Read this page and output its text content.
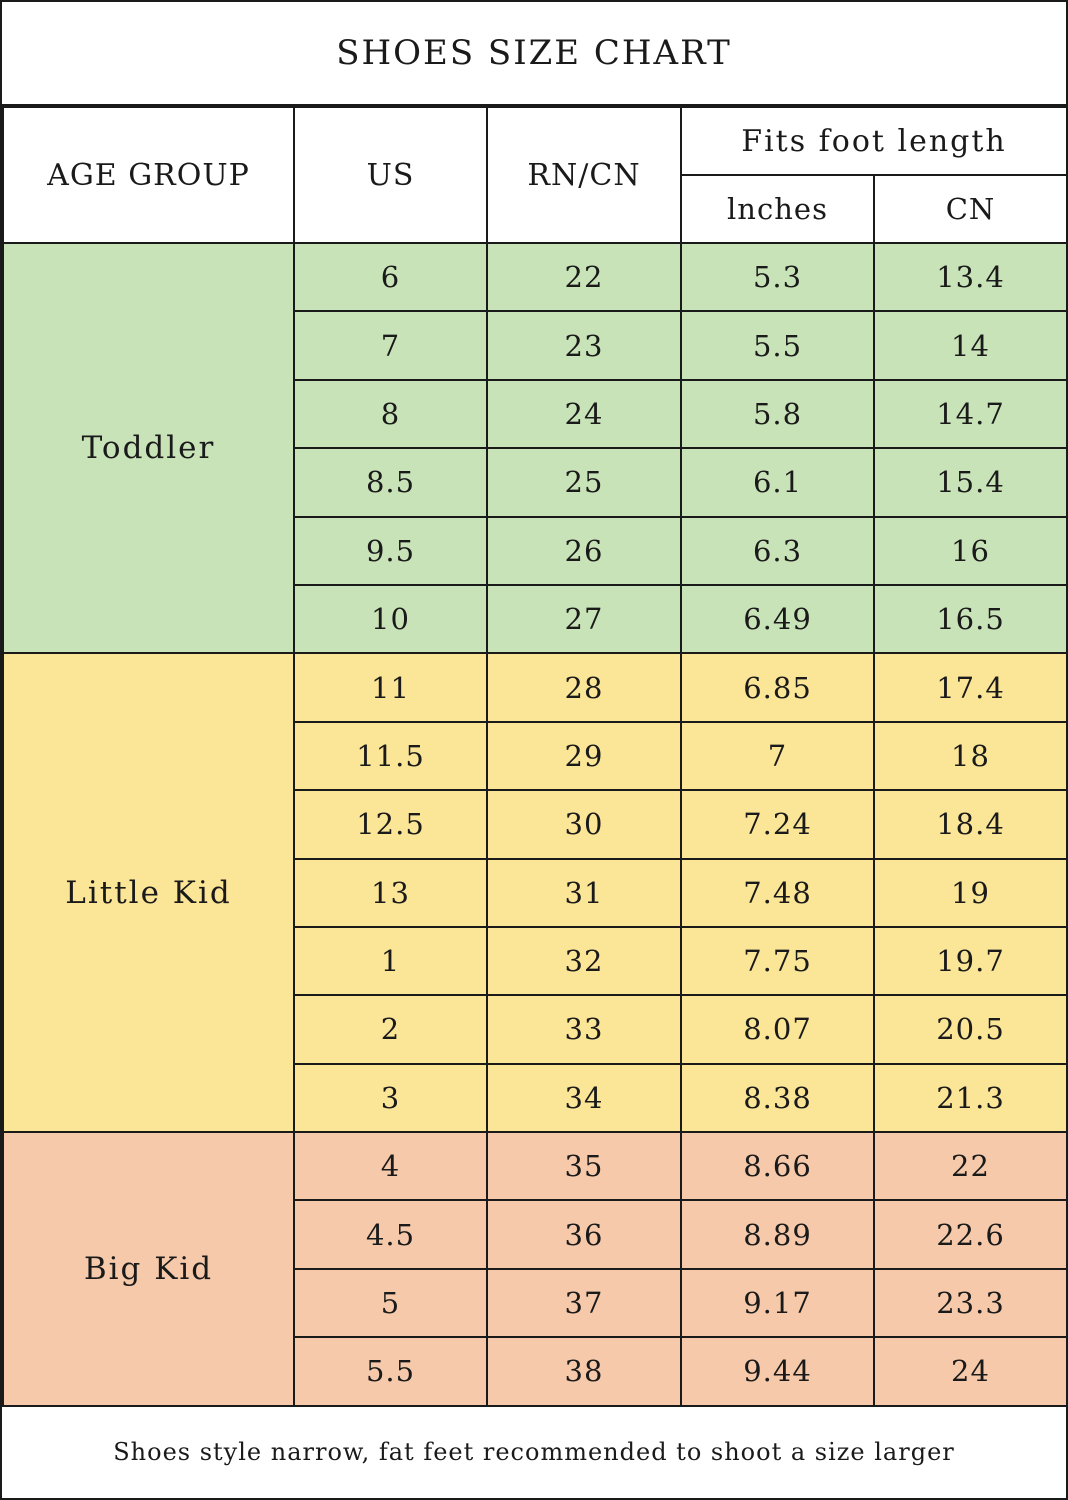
SHOES SIZE CHART
AGE GROUP	US	RN/CN	Fits foot length	
			lnches	CN
Toddler	6	22	5.3	13.4
	7	23	5.5	14
	8	24	5.8	14.7
	8.5	25	6.1	15.4
	9.5	26	6.3	16
	10	27	6.49	16.5
Little Kid	11	28	6.85	17.4
	11.5	29	7	18
	12.5	30	7.24	18.4
	13	31	7.48	19
	1	32	7.75	19.7
	2	33	8.07	20.5
	3	34	8.38	21.3
Big Kid	4	35	8.66	22
	4.5	36	8.89	22.6
	5	37	9.17	23.3
	5.5	38	9.44	24
Shoes style narrow, fat feet recommended to shoot a size larger
